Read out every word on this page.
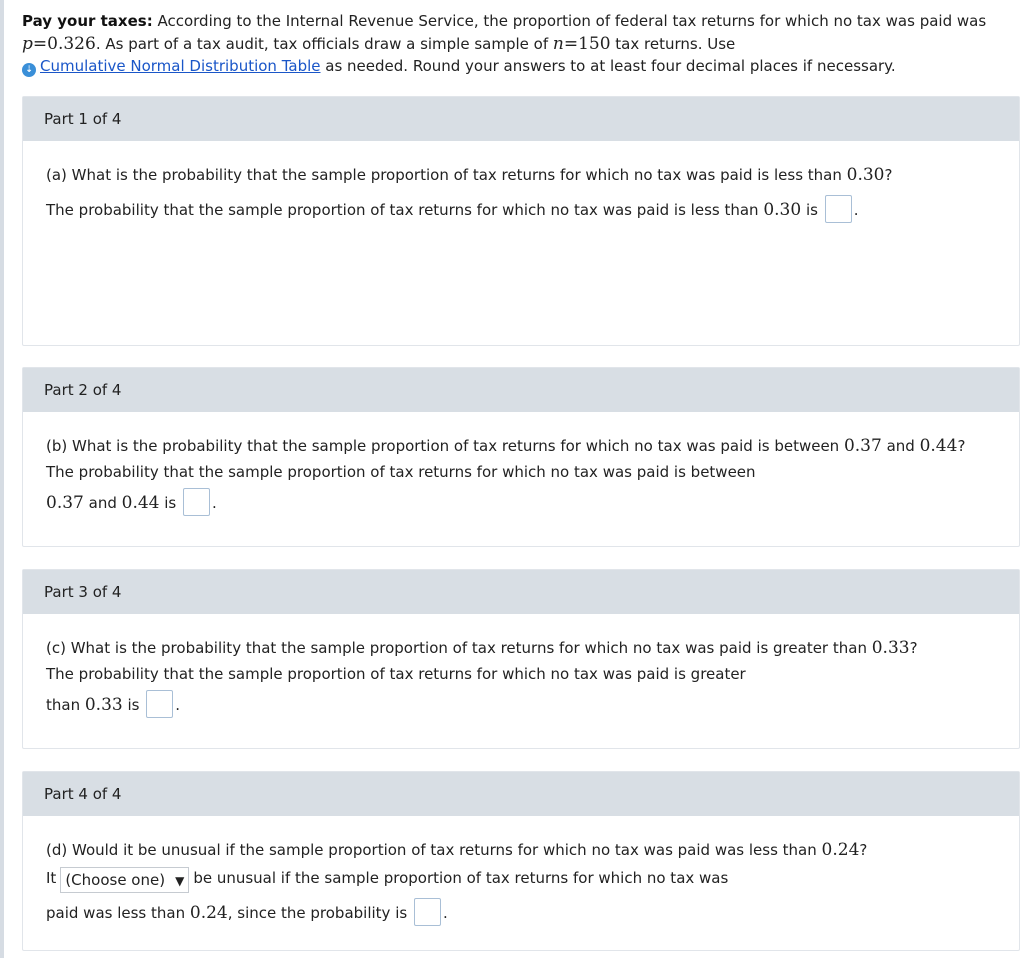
Pay your taxes: According to the Internal Revenue Service, the proportion of federal tax returns for which no tax was paid was
p=0.326. As part of a tax audit, tax officials draw a simple sample of n=150 tax returns. Use
⇣ Cumulative Normal Distribution Table as needed. Round your answers to at least four decimal places if necessary.
Part 1 of 4
(a) What is the probability that the sample proportion of tax returns for which no tax was paid is less than 0.30?
The probability that the sample proportion of tax returns for which no tax was paid is less than 0.30 is .
Part 2 of 4
(b) What is the probability that the sample proportion of tax returns for which no tax was paid is between 0.37 and 0.44?
The probability that the sample proportion of tax returns for which no tax was paid is between
0.37 and 0.44 is .
Part 3 of 4
(c) What is the probability that the sample proportion of tax returns for which no tax was paid is greater than 0.33?
The probability that the sample proportion of tax returns for which no tax was paid is greater
than 0.33 is .
Part 4 of 4
(d) Would it be unusual if the sample proportion of tax returns for which no tax was paid was less than 0.24?
It (Choose one) ▼ be unusual if the sample proportion of tax returns for which no tax was
paid was less than 0.24, since the probability is .
